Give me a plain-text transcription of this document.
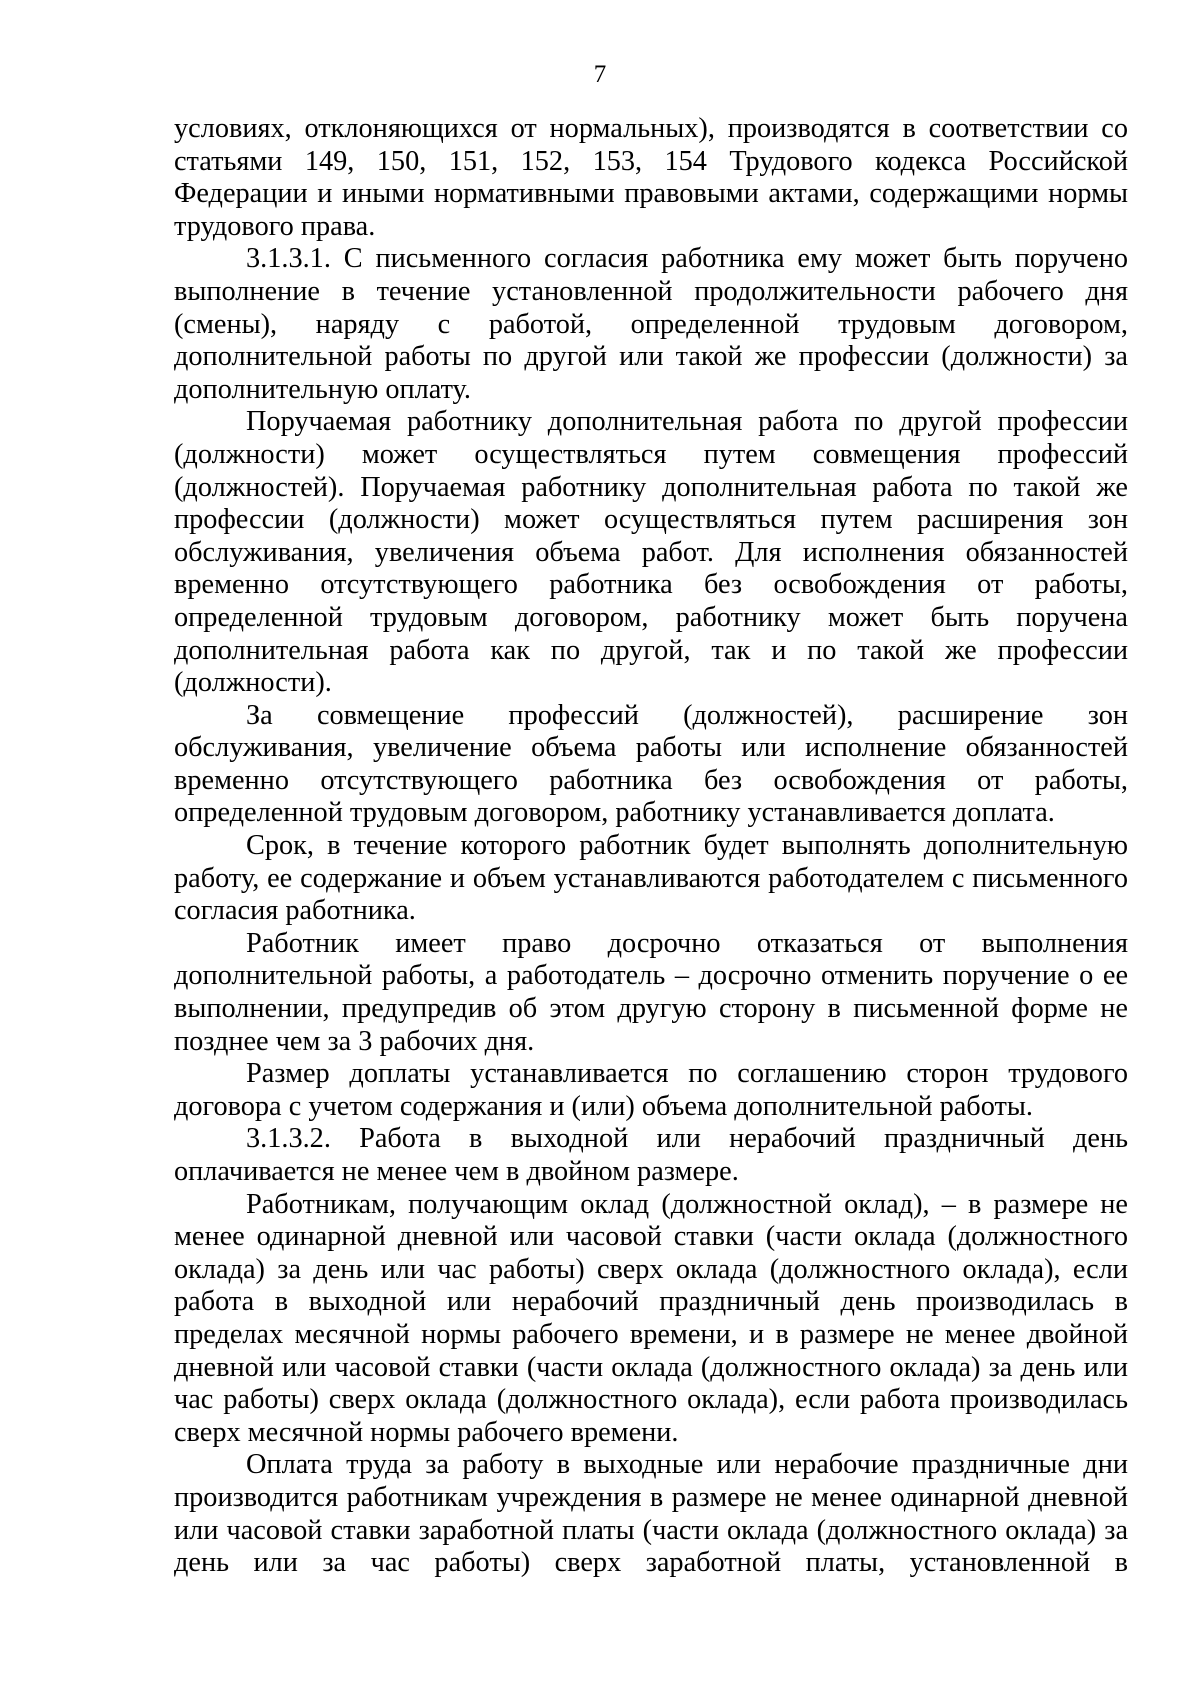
7

условиях, отклоняющихся от нормальных), производятся в соответствии со статьями 149, 150, 151, 152, 153, 154 Трудового кодекса Российской Федерации и иными нормативными правовыми актами, содержащими нормы трудового права.

3.1.3.1. С письменного согласия работника ему может быть поручено выполнение в течение установленной продолжительности рабочего дня (смены), наряду с работой, определенной трудовым договором, дополнительной работы по другой или такой же профессии (должности) за дополнительную оплату.

Поручаемая работнику дополнительная работа по другой профессии (должности) может осуществляться путем совмещения профессий (должностей). Поручаемая работнику дополнительная работа по такой же профессии (должности) может осуществляться путем расширения зон обслуживания, увеличения объема работ. Для исполнения обязанностей временно отсутствующего работника без освобождения от работы, определенной трудовым договором, работнику может быть поручена дополнительная работа как по другой, так и по такой же профессии (должности).

За совмещение профессий (должностей), расширение зон обслуживания, увеличение объема работы или исполнение обязанностей временно отсутствующего работника без освобождения от работы, определенной трудовым договором, работнику устанавливается доплата.

Срок, в течение которого работник будет выполнять дополнительную работу, ее содержание и объем устанавливаются работодателем с письменного согласия работника.

Работник имеет право досрочно отказаться от выполнения дополнительной работы, а работодатель – досрочно отменить поручение о ее выполнении, предупредив об этом другую сторону в письменной форме не позднее чем за 3 рабочих дня.

Размер доплаты устанавливается по соглашению сторон трудового договора с учетом содержания и (или) объема дополнительной работы.

3.1.3.2. Работа в выходной или нерабочий праздничный день оплачивается не менее чем в двойном размере.

Работникам, получающим оклад (должностной оклад), – в размере не менее одинарной дневной или часовой ставки (части оклада (должностного оклада) за день или час работы) сверх оклада (должностного оклада), если работа в выходной или нерабочий праздничный день производилась в пределах месячной нормы рабочего времени, и в размере не менее двойной дневной или часовой ставки (части оклада (должностного оклада) за день или час работы) сверх оклада (должностного оклада), если работа производилась сверх месячной нормы рабочего времени.

Оплата труда за работу в выходные или нерабочие праздничные дни производится работникам учреждения в размере не менее одинарной дневной или часовой ставки заработной платы (части оклада (должностного оклада) за день или за час работы) сверх заработной платы, установленной в
